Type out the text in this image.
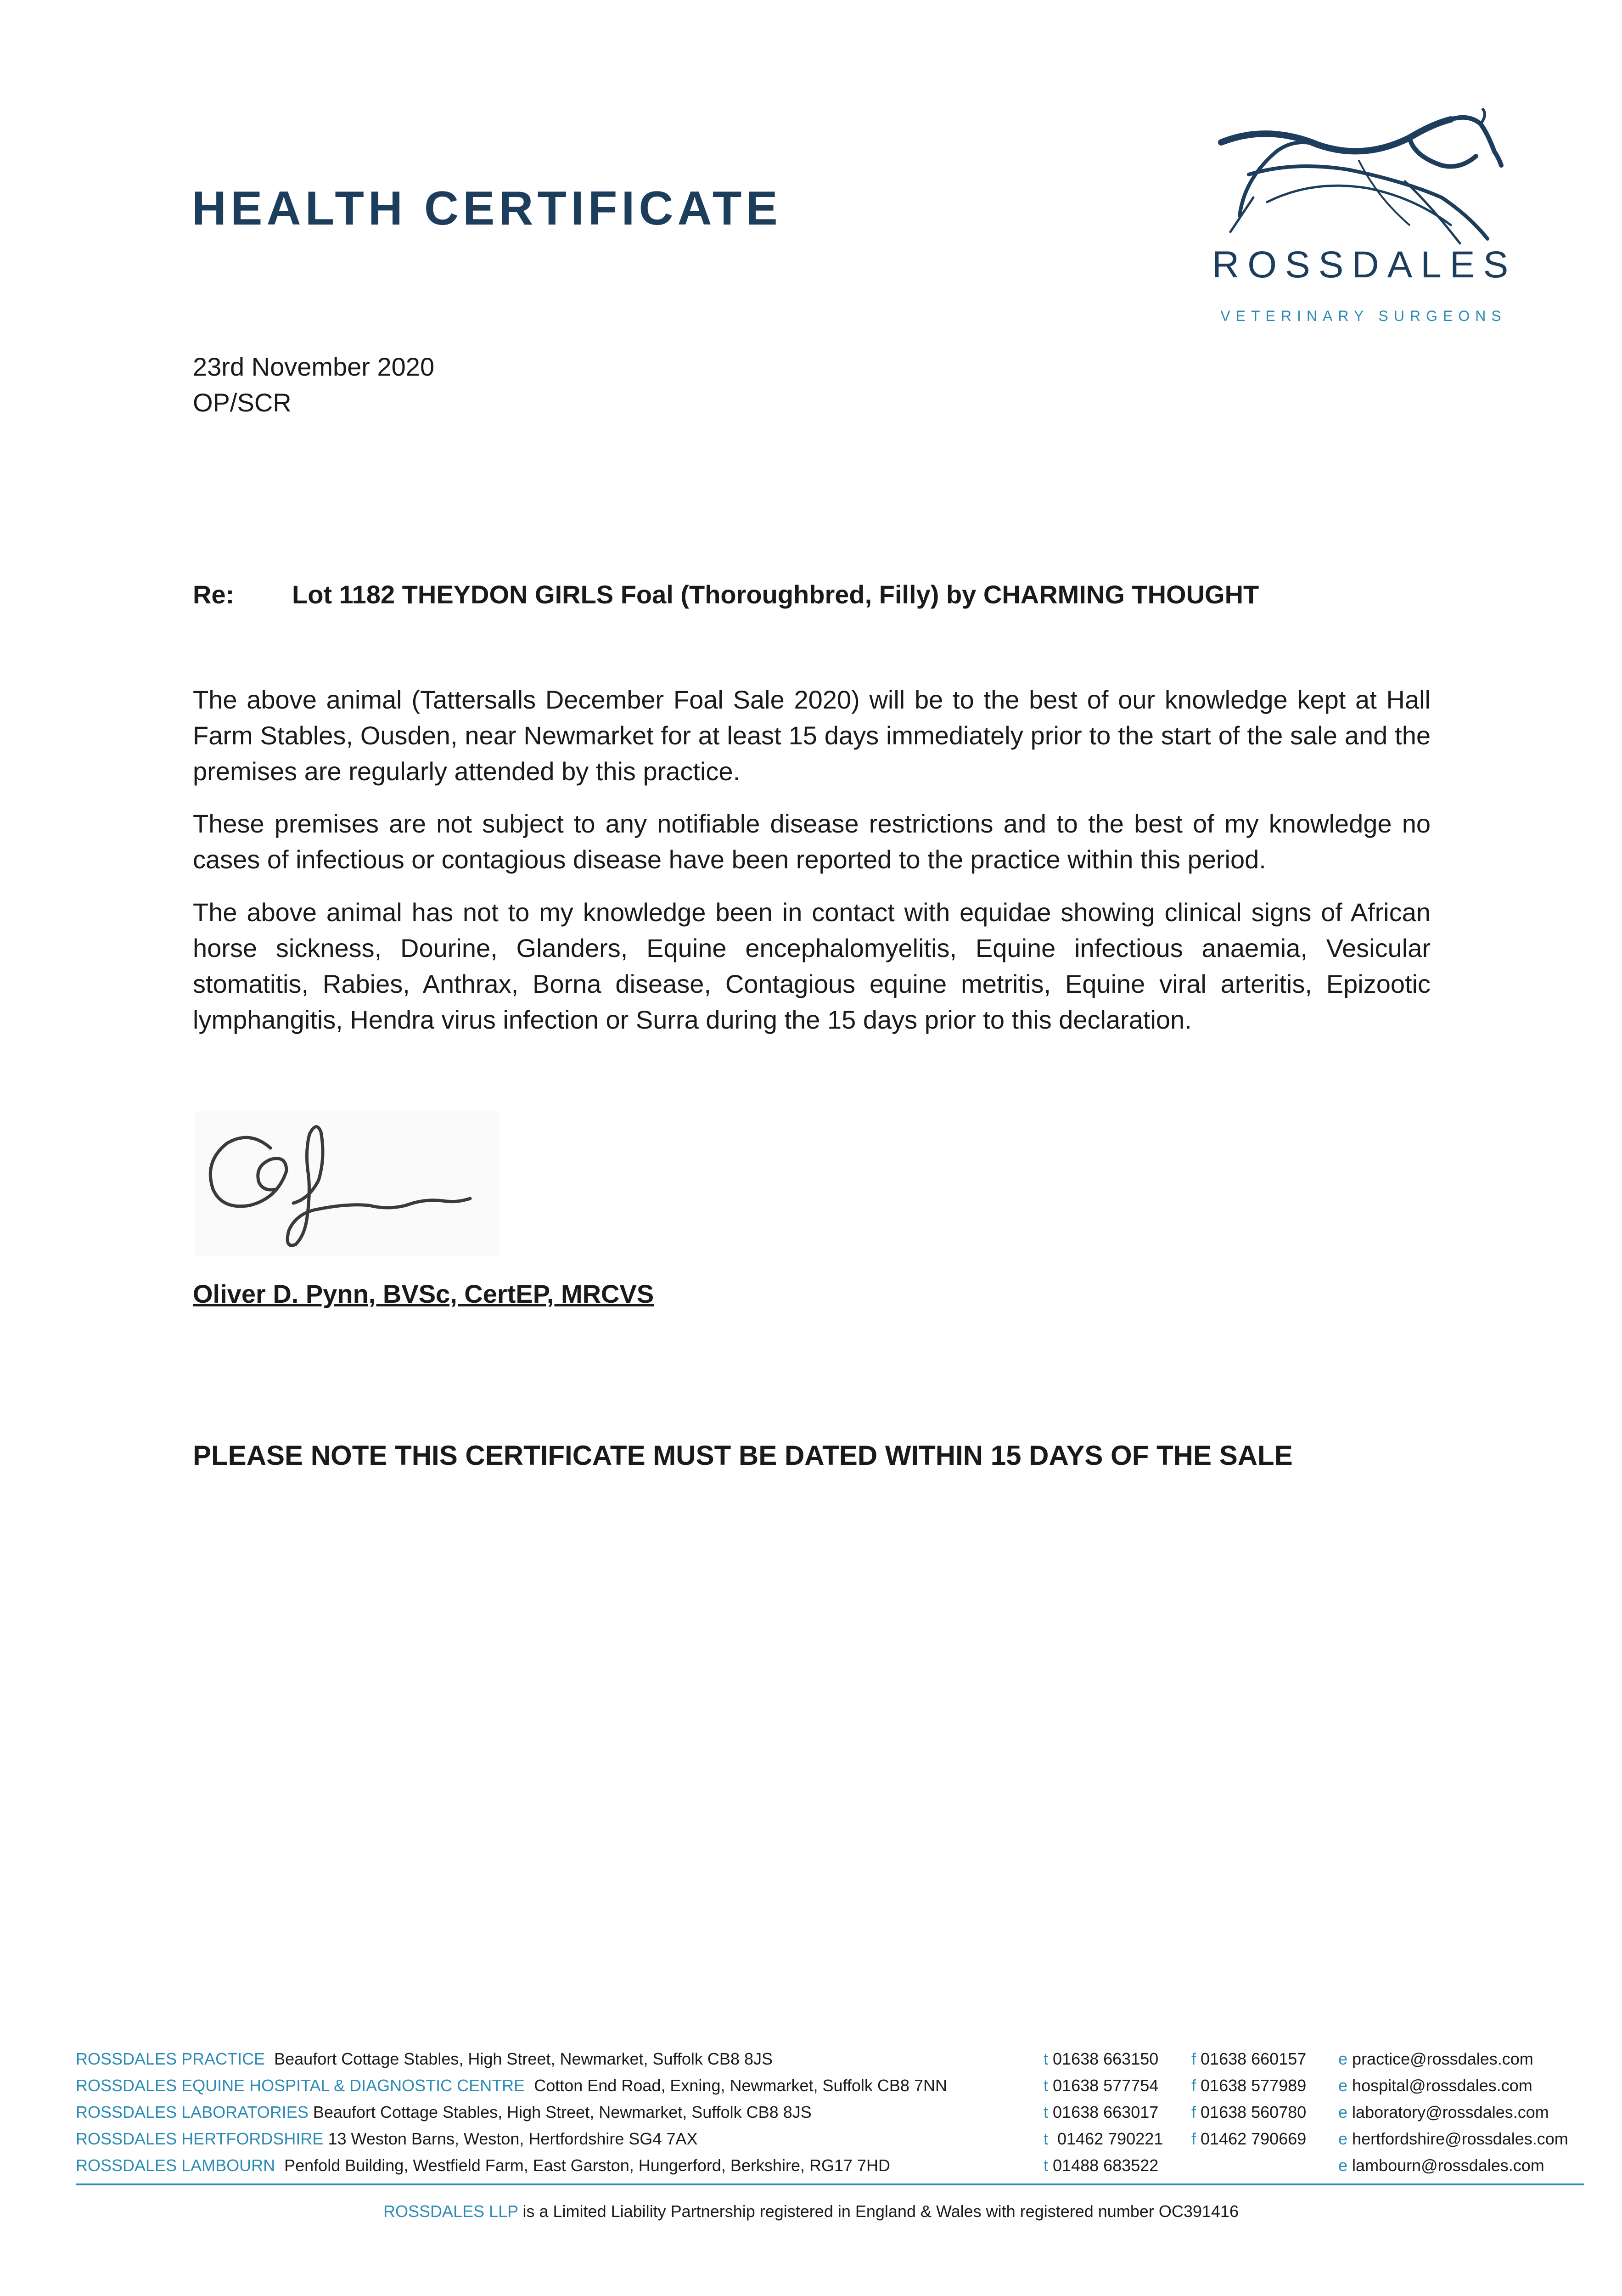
HEALTH CERTIFICATE
ROSSDALES
VETERINARY SURGEONS
23rd November 2020
OP/SCR
Re: Lot 1182 THEYDON GIRLS Foal (Thoroughbred, Filly) by CHARMING THOUGHT
The above animal (Tattersalls December Foal Sale 2020) will be to the best of our knowledge kept at Hall Farm Stables, Ousden, near Newmarket for at least 15 days immediately prior to the start of the sale and the premises are regularly attended by this practice.
These premises are not subject to any notifiable disease restrictions and to the best of my knowledge no cases of infectious or contagious disease have been reported to the practice within this period.
The above animal has not to my knowledge been in contact with equidae showing clinical signs of African horse sickness, Dourine, Glanders, Equine encephalomyelitis, Equine infectious anaemia, Vesicular stomatitis, Rabies, Anthrax, Borna disease, Contagious equine metritis, Equine viral arteritis, Epizootic lymphangitis, Hendra virus infection or Surra during the 15 days prior to this declaration.
Oliver D. Pynn, BVSc, CertEP, MRCVS
PLEASE NOTE THIS CERTIFICATE MUST BE DATED WITHIN 15 DAYS OF THE SALE
ROSSDALES PRACTICE Beaufort Cottage Stables, High Street, Newmarket, Suffolk CB8 8JS	t 01638 663150 f 01638 660157 e practice@rossdales.com
ROSSDALES EQUINE HOSPITAL & DIAGNOSTIC CENTRE Cotton End Road, Exning, Newmarket, Suffolk CB8 7NN	t 01638 577754 f 01638 577989 e hospital@rossdales.com
ROSSDALES LABORATORIES Beaufort Cottage Stables, High Street, Newmarket, Suffolk CB8 8JS	t 01638 663017 f 01638 560780 e laboratory@rossdales.com
ROSSDALES HERTFORDSHIRE 13 Weston Barns, Weston, Hertfordshire SG4 7AX	t 01462 790221 f 01462 790669 e hertfordshire@rossdales.com
ROSSDALES LAMBOURN Penfold Building, Westfield Farm, East Garston, Hungerford, Berkshire, RG17 7HD	t 01488 683522	e lambourn@rossdales.com
ROSSDALES LLP is a Limited Liability Partnership registered in England & Wales with registered number OC391416
